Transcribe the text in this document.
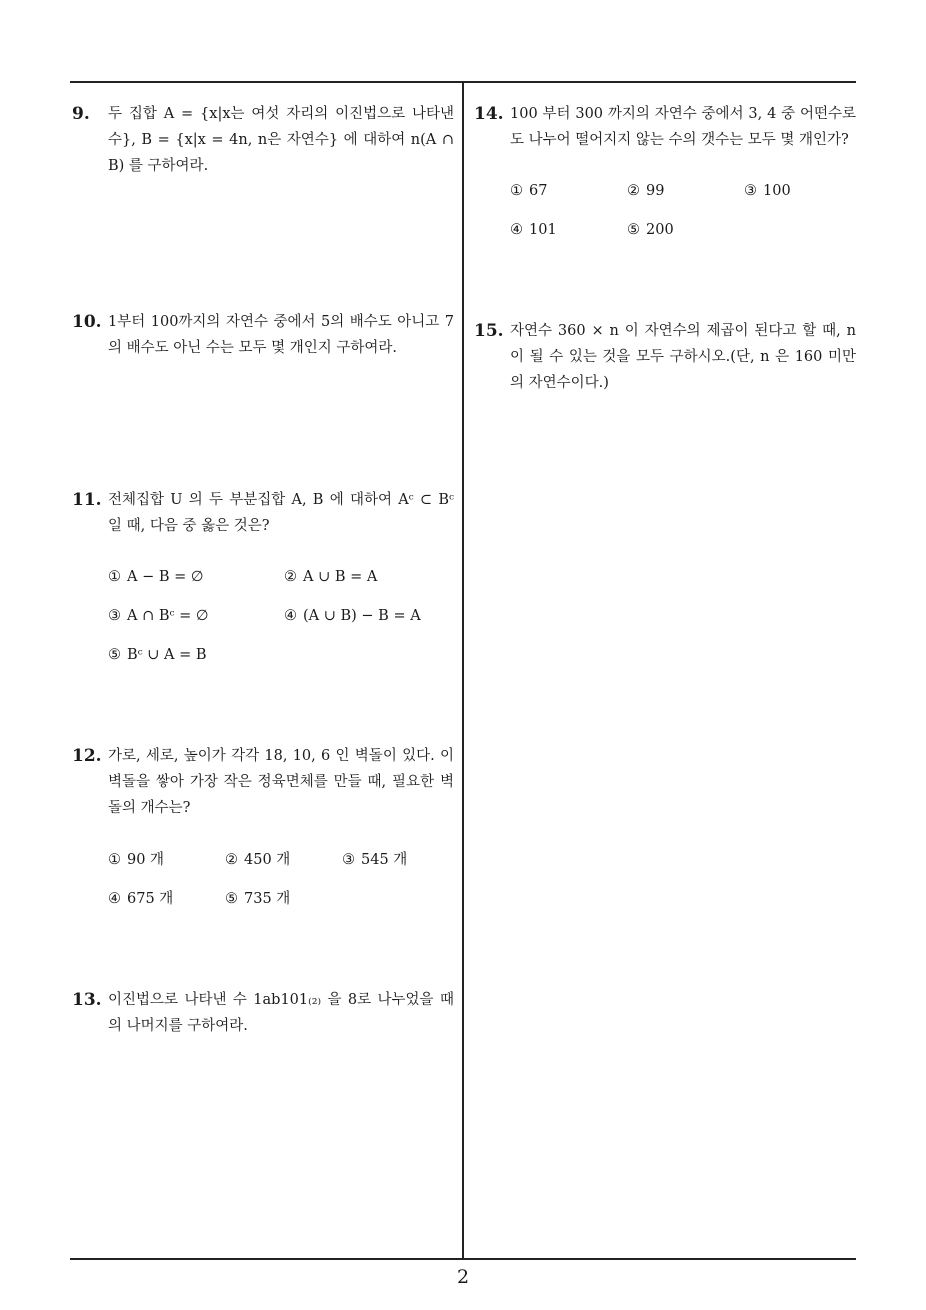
9. 두 집합 A = {x|x는 여섯 자리의 이진법으로 나타낸 수}, B = {x|x = 4n, n은 자연수} 에 대하여 n(A ∩ B) 를 구하여라.
10. 1부터 100까지의 자연수 중에서 5의 배수도 아니고 7의 배수도 아닌 수는 모두 몇 개인지 구하여라.
11. 전체집합 U 의 두 부분집합 A, B 에 대하여 Aᶜ ⊂ Bᶜ 일 때, 다음 중 옳은 것은?
① A − B = ∅	② A ∪ B = A
③ A ∩ Bᶜ = ∅	④ (A ∪ B) − B = A
⑤ Bᶜ ∪ A = B
12. 가로, 세로, 높이가 각각 18, 10, 6 인 벽돌이 있다. 이 벽돌을 쌓아 가장 작은 정육면체를 만들 때, 필요한 벽돌의 개수는?
① 90 개	② 450 개	③ 545 개
④ 675 개	⑤ 735 개
13. 이진법으로 나타낸 수 1ab101₍₂₎ 을 8로 나누었을 때의 나머지를 구하여라.
14. 100 부터 300 까지의 자연수 중에서 3, 4 중 어떤수로도 나누어 떨어지지 않는 수의 갯수는 모두 몇 개인가?
① 67	② 99	③ 100
④ 101	⑤ 200
15. 자연수 360 × n 이 자연수의 제곱이 된다고 할 때, n 이 될 수 있는 것을 모두 구하시오.(단, n 은 160 미만의 자연수이다.)
2
